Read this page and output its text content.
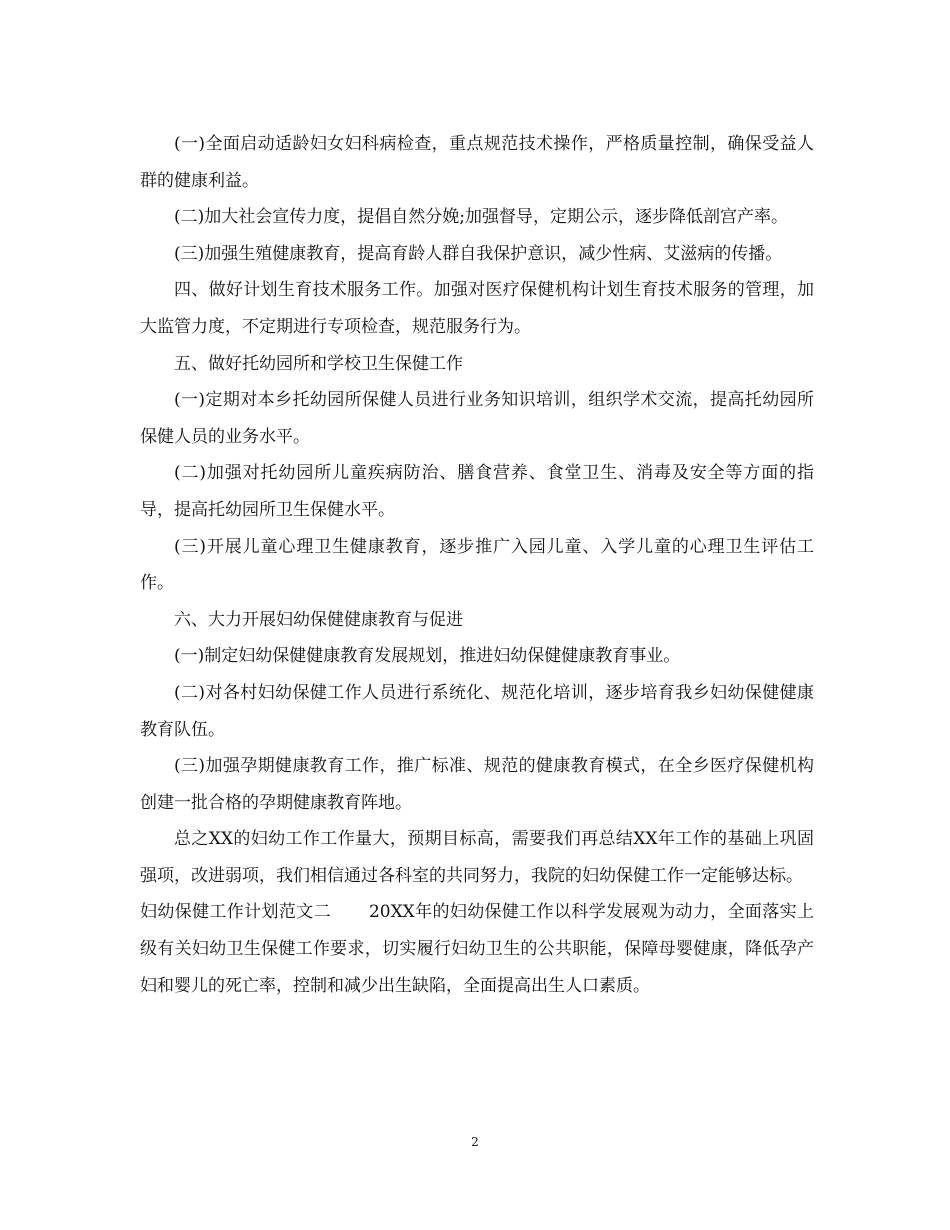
(一)全面启动适龄妇女妇科病检查，重点规范技术操作，严格质量控制，确保受益人群的健康利益。

(二)加大社会宣传力度，提倡自然分娩;加强督导，定期公示，逐步降低剖宫产率。

(三)加强生殖健康教育，提高育龄人群自我保护意识，减少性病、艾滋病的传播。

四、做好计划生育技术服务工作。加强对医疗保健机构计划生育技术服务的管理，加大监管力度，不定期进行专项检查，规范服务行为。

五、做好托幼园所和学校卫生保健工作

(一)定期对本乡托幼园所保健人员进行业务知识培训，组织学术交流，提高托幼园所保健人员的业务水平。

(二)加强对托幼园所儿童疾病防治、膳食营养、食堂卫生、消毒及安全等方面的指导，提高托幼园所卫生保健水平。

(三)开展儿童心理卫生健康教育，逐步推广入园儿童、入学儿童的心理卫生评估工作。

六、大力开展妇幼保健健康教育与促进

(一)制定妇幼保健健康教育发展规划，推进妇幼保健健康教育事业。

(二)对各村妇幼保健工作人员进行系统化、规范化培训，逐步培育我乡妇幼保健健康教育队伍。

(三)加强孕期健康教育工作，推广标准、规范的健康教育模式，在全乡医疗保健机构创建一批合格的孕期健康教育阵地。

总之XX的妇幼工作工作量大，预期目标高，需要我们再总结XX年工作的基础上巩固强项，改进弱项，我们相信通过各科室的共同努力，我院的妇幼保健工作一定能够达标。

妇幼保健工作计划范文二 20XX年的妇幼保健工作以科学发展观为动力，全面落实上级有关妇幼卫生保健工作要求，切实履行妇幼卫生的公共职能，保障母婴健康，降低孕产妇和婴儿的死亡率，控制和减少出生缺陷，全面提高出生人口素质。

2
